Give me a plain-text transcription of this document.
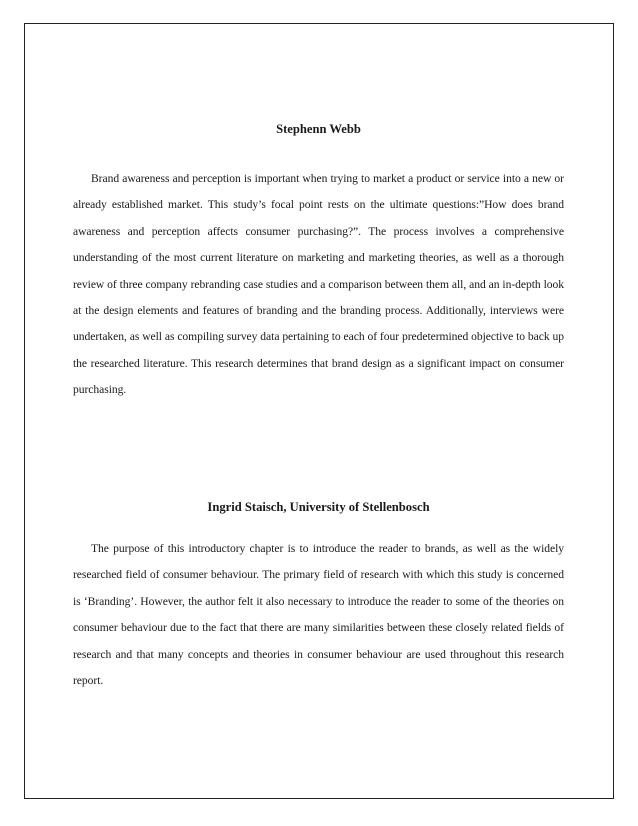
Stephenn Webb

Brand awareness and perception is important when trying to market a product or service into a new or already established market. This study’s focal point rests on the ultimate questions:”How does brand awareness and perception affects consumer purchasing?”. The process involves a comprehensive understanding of the most current literature on marketing and marketing theories, as well as a thorough review of three company rebranding case studies and a comparison between them all, and an in-depth look at the design elements and features of branding and the branding process. Additionally, interviews were undertaken, as well as compiling survey data pertaining to each of four predetermined objective to back up the researched literature. This research determines that brand design as a significant impact on consumer purchasing.

Ingrid Staisch, University of Stellenbosch

The purpose of this introductory chapter is to introduce the reader to brands, as well as the widely researched field of consumer behaviour. The primary field of research with which this study is concerned is ‘Branding’. However, the author felt it also necessary to introduce the reader to some of the theories on consumer behaviour due to the fact that there are many similarities between these closely related fields of research and that many concepts and theories in consumer behaviour are used throughout this research report.
